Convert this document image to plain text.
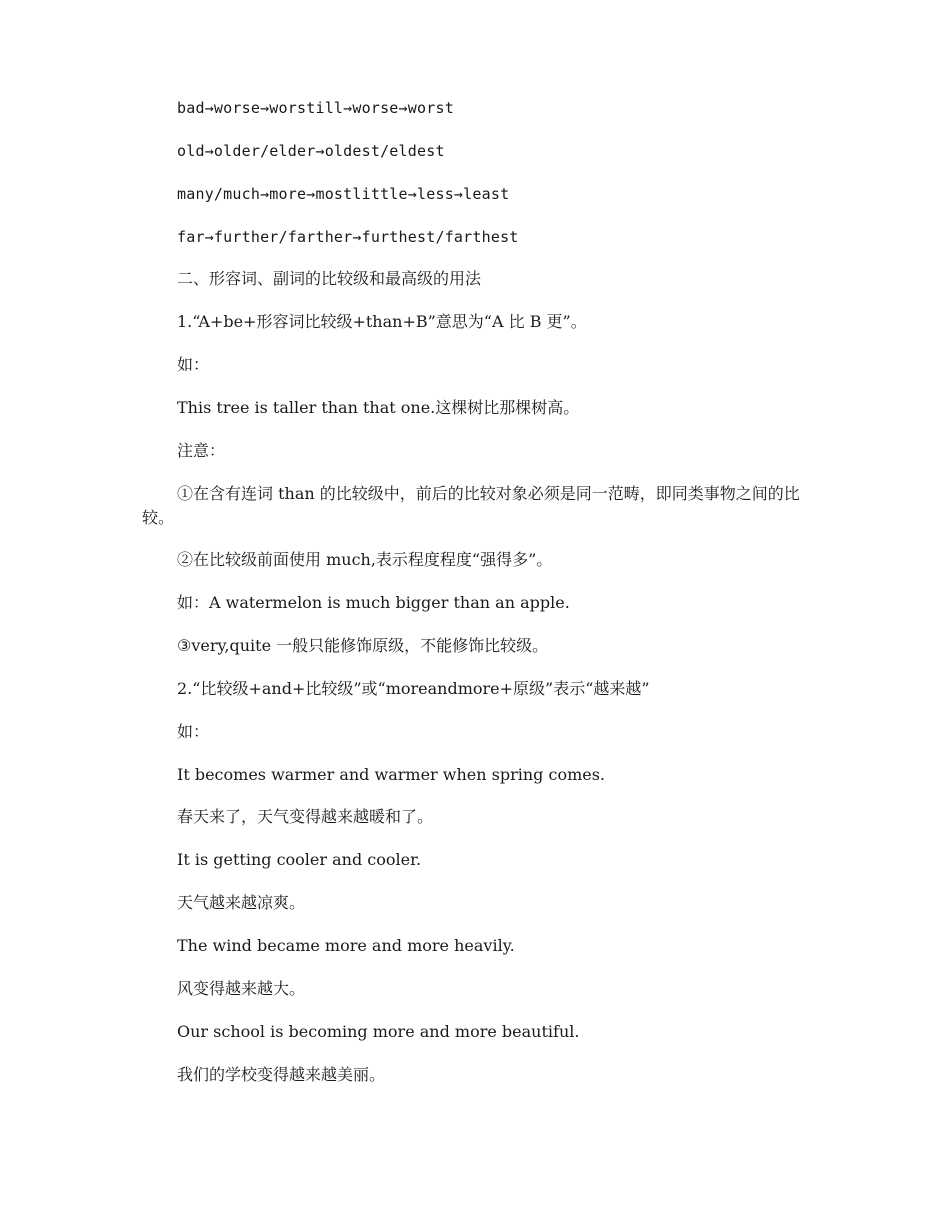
bad→worse→worstill→worse→worst
old→older/elder→oldest/eldest
many/much→more→mostlittle→less→least
far→further/farther→furthest/farthest
二、形容词、副词的比较级和最高级的用法
1.“A+be+形容词比较级+than+B”意思为“A 比 B 更”。
如：
This tree is taller than that one.这棵树比那棵树高。
注意：
①在含有连词 than 的比较级中，前后的比较对象必须是同一范畴，即同类事物之间的比较。
②在比较级前面使用 much,表示程度程度“强得多”。
如：A watermelon is much bigger than an apple.
③very,quite 一般只能修饰原级，不能修饰比较级。
2.“比较级+and+比较级”或“moreandmore+原级”表示“越来越”
如：
It becomes warmer and warmer when spring comes.
春天来了，天气变得越来越暖和了。
It is getting cooler and cooler.
天气越来越凉爽。
The wind became more and more heavily.
风变得越来越大。
Our school is becoming more and more beautiful.
我们的学校变得越来越美丽。
